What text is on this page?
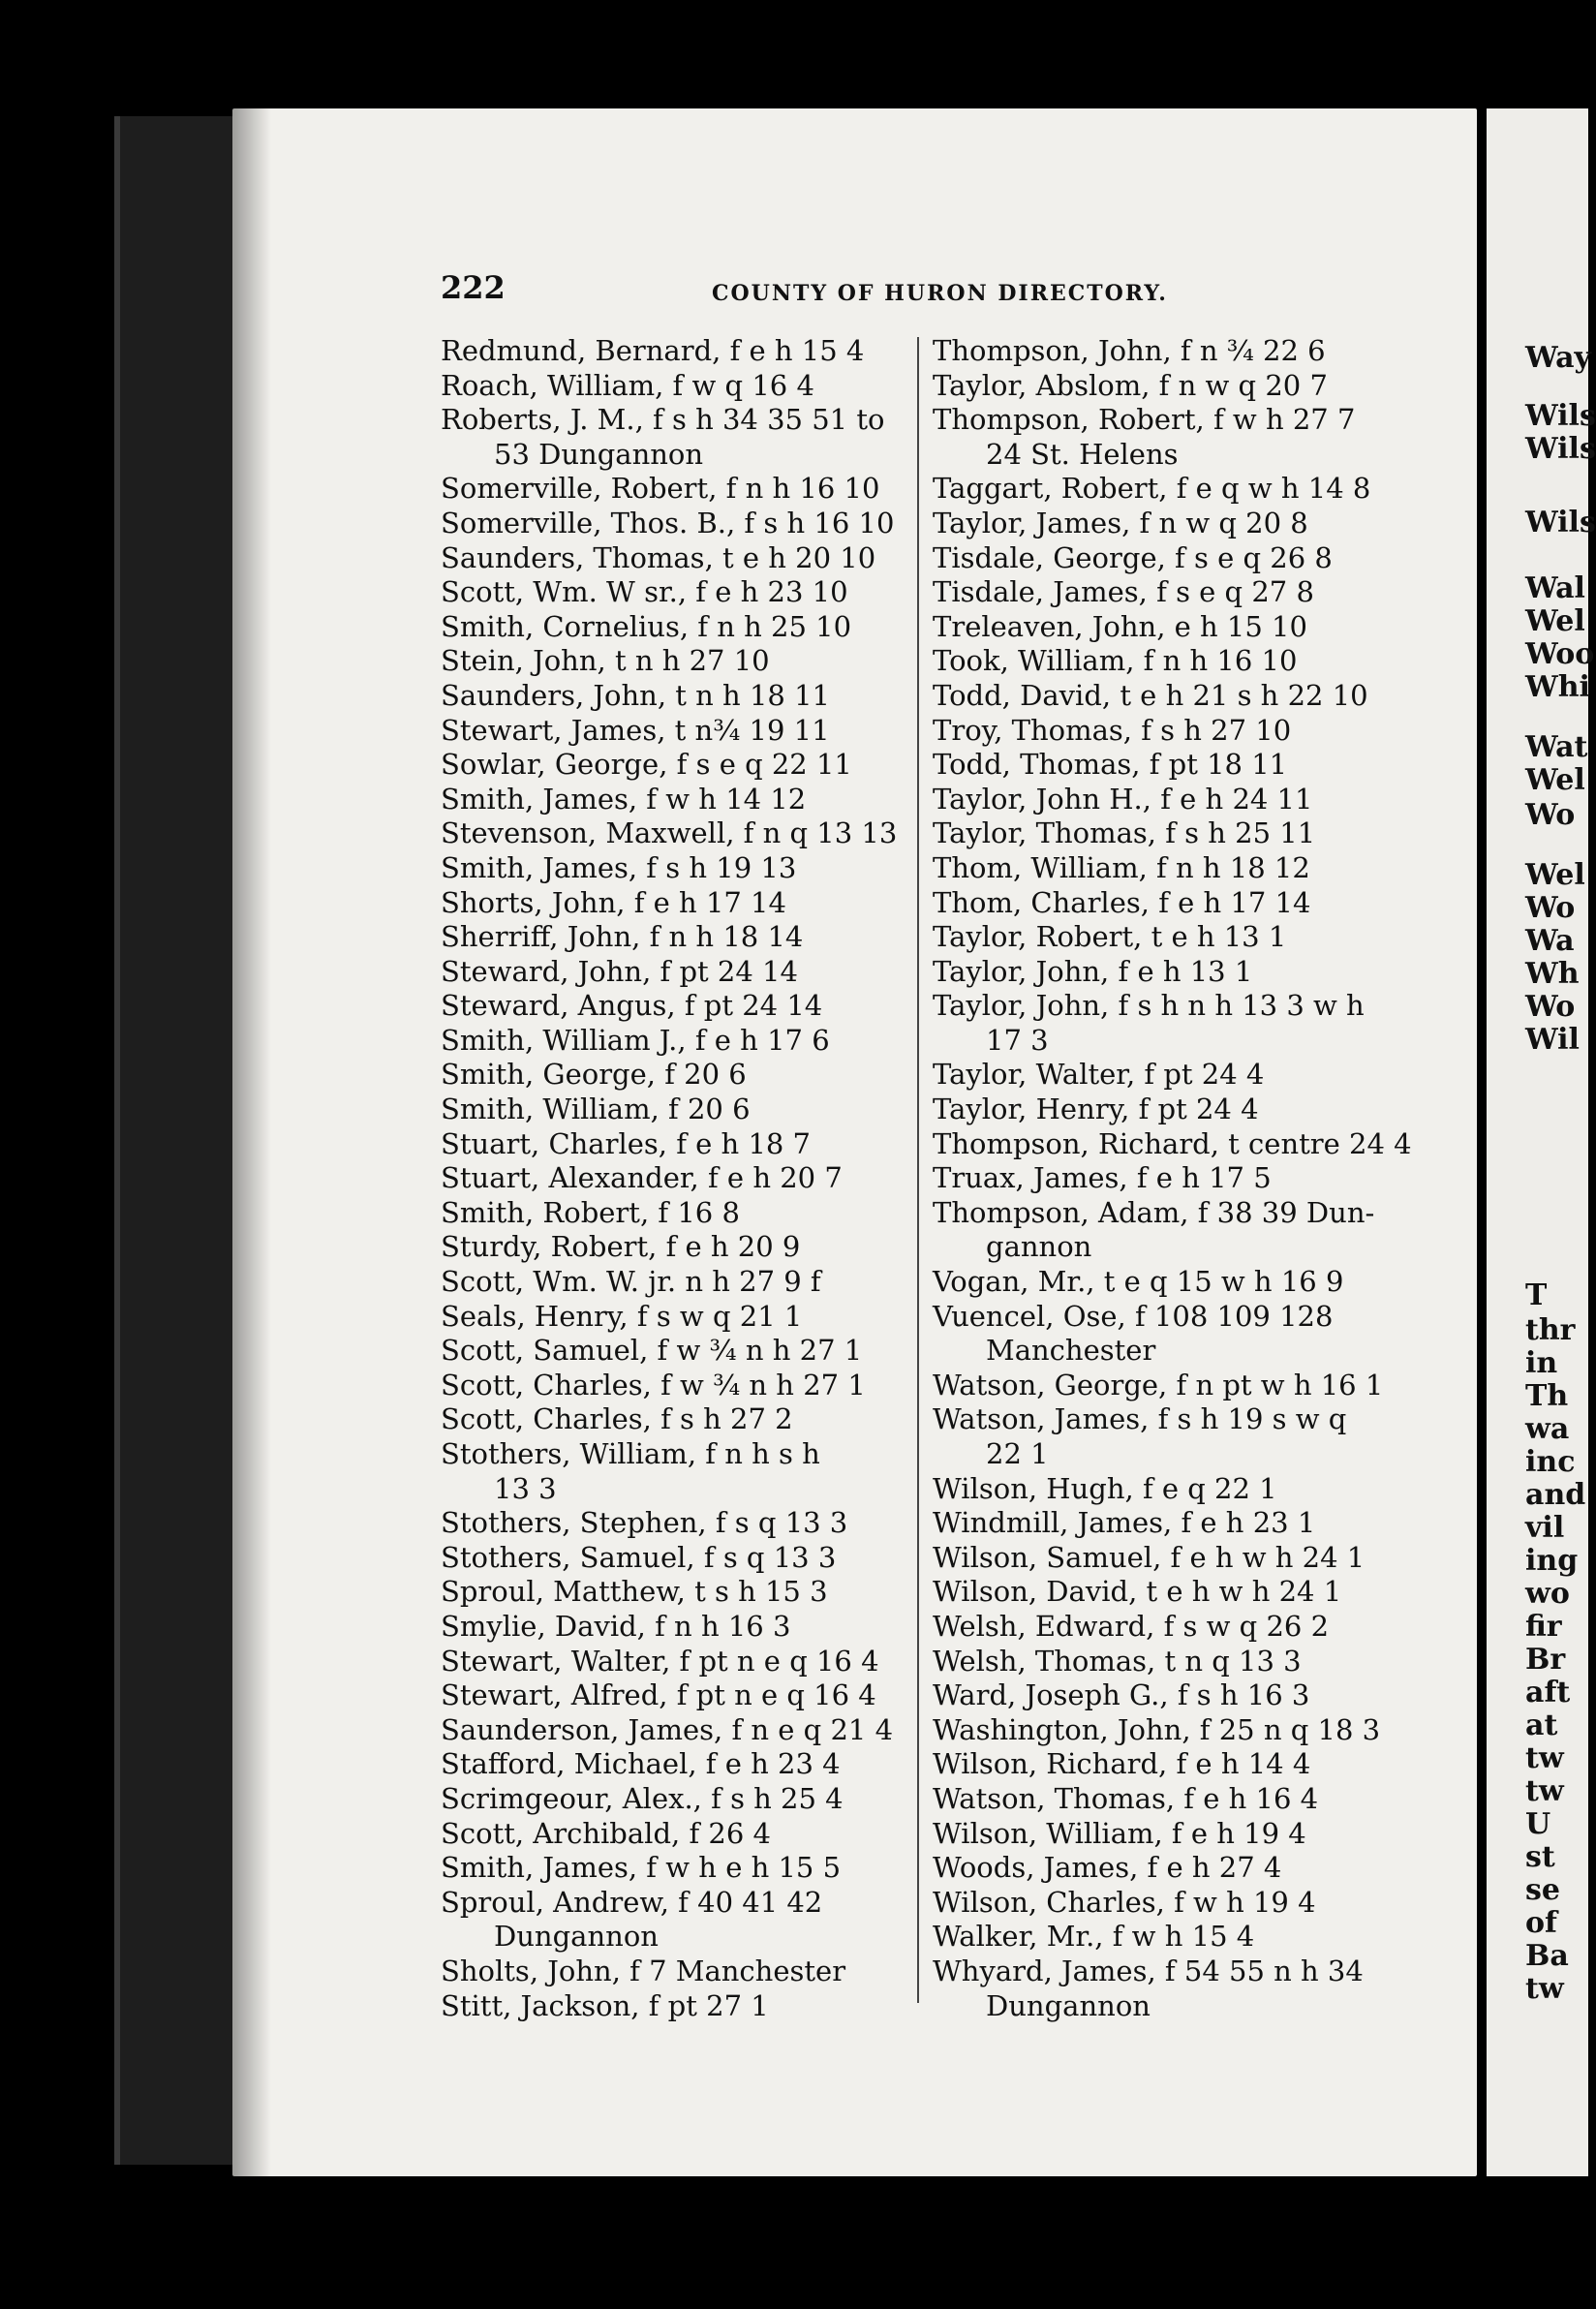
222	COUNTY OF HURON DIRECTORY.
Redmund, Bernard, f e h 15 4
Roach, William, f w q 16 4
Roberts, J. M., f s h 34 35 51 to
53 Dungannon
Somerville, Robert, f n h 16 10
Somerville, Thos. B., f s h 16 10
Saunders, Thomas, t e h 20 10
Scott, Wm. W sr., f e h 23 10
Smith, Cornelius, f n h 25 10
Stein, John, t n h 27 10
Saunders, John, t n h 18 11
Stewart, James, t n¾ 19 11
Sowlar, George, f s e q 22 11
Smith, James, f w h 14 12
Stevenson, Maxwell, f n q 13 13
Smith, James, f s h 19 13
Shorts, John, f e h 17 14
Sherriff, John, f n h 18 14
Steward, John, f pt 24 14
Steward, Angus, f pt 24 14
Smith, William J., f e h 17 6
Smith, George, f 20 6
Smith, William, f 20 6
Stuart, Charles, f e h 18 7
Stuart, Alexander, f e h 20 7
Smith, Robert, f 16 8
Sturdy, Robert, f e h 20 9
Scott, Wm. W. jr. n h 27 9 f
Seals, Henry, f s w q 21 1
Scott, Samuel, f w ¾ n h 27 1
Scott, Charles, f w ¾ n h 27 1
Scott, Charles, f s h 27 2
Stothers, William, f n h s h
13 3
Stothers, Stephen, f s q 13 3
Stothers, Samuel, f s q 13 3
Sproul, Matthew, t s h 15 3
Smylie, David, f n h 16 3
Stewart, Walter, f pt n e q 16 4
Stewart, Alfred, f pt n e q 16 4
Saunderson, James, f n e q 21 4
Stafford, Michael, f e h 23 4
Scrimgeour, Alex., f s h 25 4
Scott, Archibald, f 26 4
Smith, James, f w h e h 15 5
Sproul, Andrew, f 40 41 42
Dungannon
Sholts, John, f 7 Manchester
Stitt, Jackson, f pt 27 1
Thompson, John, f n ¾ 22 6
Taylor, Abslom, f n w q 20 7
Thompson, Robert, f w h 27 7
24 St. Helens
Taggart, Robert, f e q w h 14 8
Taylor, James, f n w q 20 8
Tisdale, George, f s e q 26 8
Tisdale, James, f s e q 27 8
Treleaven, John, e h 15 10
Took, William, f n h 16 10
Todd, David, t e h 21 s h 22 10
Troy, Thomas, f s h 27 10
Todd, Thomas, f pt 18 11
Taylor, John H., f e h 24 11
Taylor, Thomas, f s h 25 11
Thom, William, f n h 18 12
Thom, Charles, f e h 17 14
Taylor, Robert, t e h 13 1
Taylor, John, f e h 13 1
Taylor, John, f s h n h 13 3 w h
17 3
Taylor, Walter, f pt 24 4
Taylor, Henry, f pt 24 4
Thompson, Richard, t centre 24 4
Truax, James, f e h 17 5
Thompson, Adam, f 38 39 Dun-
gannon
Vogan, Mr., t e q 15 w h 16 9
Vuencel, Ose, f 108 109 128
Manchester
Watson, George, f n pt w h 16 1
Watson, James, f s h 19 s w q
22 1
Wilson, Hugh, f e q 22 1
Windmill, James, f e h 23 1
Wilson, Samuel, f e h w h 24 1
Wilson, David, t e h w h 24 1
Welsh, Edward, f s w q 26 2
Welsh, Thomas, t n q 13 3
Ward, Joseph G., f s h 16 3
Washington, John, f 25 n q 18 3
Wilson, Richard, f e h 14 4
Watson, Thomas, f e h 16 4
Wilson, William, f e h 19 4
Woods, James, f e h 27 4
Wilson, Charles, f w h 19 4
Walker, Mr., f w h 15 4
Whyard, James, f 54 55 n h 34
Dungannon
Way
Wils
Wils
Wils
Wal
Wel
Woo
Whi
Wat
Wel
Wo
Wel
Wo
Wa
Wh
Wo
Wil
T
thr
in
Th
wa
inc
and
vil
ing
wo
fir
Br
aft
at
tw
tw
U
st
se
of
Ba
tw
